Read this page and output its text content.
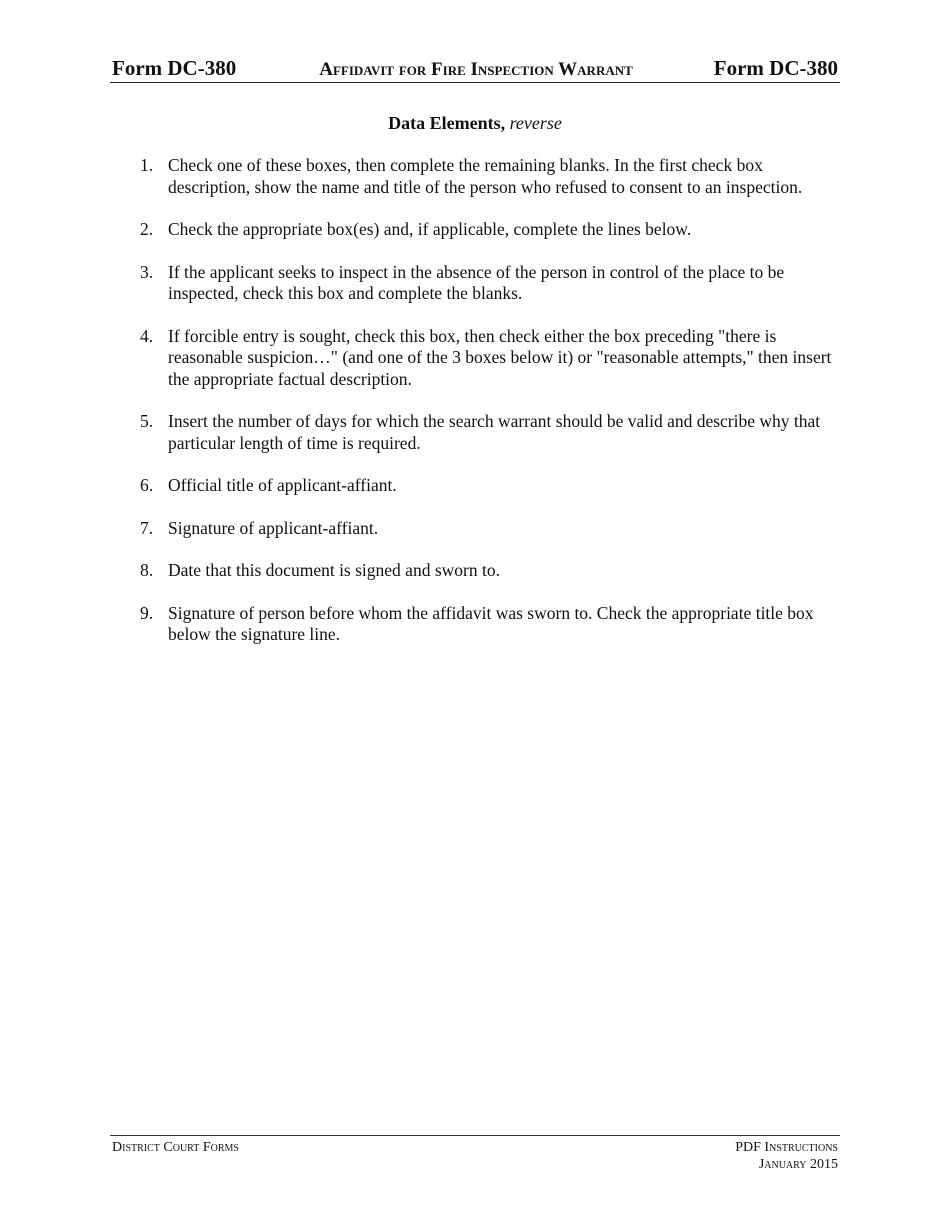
Form DC-380	Affidavit for Fire Inspection Warrant	Form DC-380
Data Elements, reverse
1. Check one of these boxes, then complete the remaining blanks. In the first check box description, show the name and title of the person who refused to consent to an inspection.
2. Check the appropriate box(es) and, if applicable, complete the lines below.
3. If the applicant seeks to inspect in the absence of the person in control of the place to be inspected, check this box and complete the blanks.
4. If forcible entry is sought, check this box, then check either the box preceding "there is reasonable suspicion…" (and one of the 3 boxes below it) or "reasonable attempts," then insert the appropriate factual description.
5. Insert the number of days for which the search warrant should be valid and describe why that particular length of time is required.
6. Official title of applicant-affiant.
7. Signature of applicant-affiant.
8. Date that this document is signed and sworn to.
9. Signature of person before whom the affidavit was sworn to. Check the appropriate title box below the signature line.
District Court Forms	PDF Instructions
January 2015
